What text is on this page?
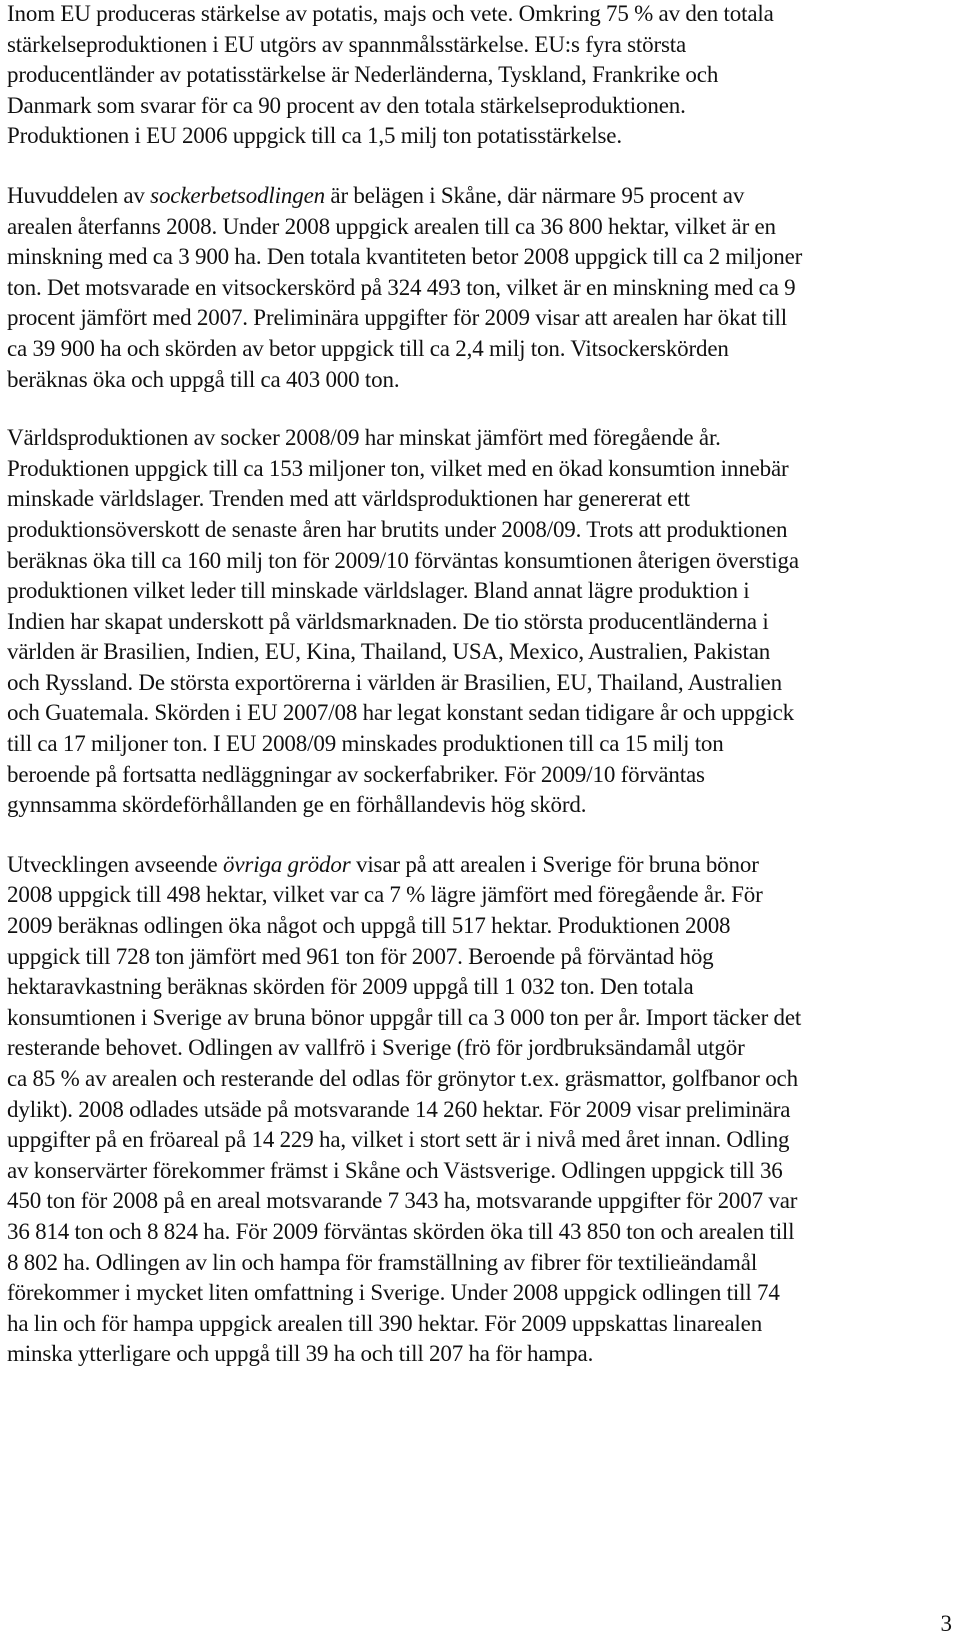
Inom EU produceras stärkelse av potatis, majs och vete. Omkring 75 % av den totala
stärkelseproduktionen i EU utgörs av spannmålsstärkelse. EU:s fyra största
producentländer av potatisstärkelse är Nederländerna, Tyskland, Frankrike och
Danmark som svarar för ca 90 procent av den totala stärkelseproduktionen.
Produktionen i EU 2006 uppgick till ca 1,5 milj ton potatisstärkelse.

Huvuddelen av sockerbetsodlingen är belägen i Skåne, där närmare 95 procent av
arealen återfanns 2008. Under 2008 uppgick arealen till ca 36 800 hektar, vilket är en
minskning med ca 3 900 ha. Den totala kvantiteten betor 2008 uppgick till ca 2 miljoner
ton. Det motsvarade en vitsockerskörd på 324 493 ton, vilket är en minskning med ca 9
procent jämfört med 2007. Preliminära uppgifter för 2009 visar att arealen har ökat till
ca 39 900 ha och skörden av betor uppgick till ca 2,4 milj ton. Vitsockerskörden
beräknas öka och uppgå till ca 403 000 ton.

Världsproduktionen av socker 2008/09 har minskat jämfört med föregående år.
Produktionen uppgick till ca 153 miljoner ton, vilket med en ökad konsumtion innebär
minskade världslager. Trenden med att världsproduktionen har genererat ett
produktionsöverskott de senaste åren har brutits under 2008/09. Trots att produktionen
beräknas öka till ca 160 milj ton för 2009/10 förväntas konsumtionen återigen överstiga
produktionen vilket leder till minskade världslager. Bland annat lägre produktion i
Indien har skapat underskott på världsmarknaden. De tio största producentländerna i
världen är Brasilien, Indien, EU, Kina, Thailand, USA, Mexico, Australien, Pakistan
och Ryssland. De största exportörerna i världen är Brasilien, EU, Thailand, Australien
och Guatemala. Skörden i EU 2007/08 har legat konstant sedan tidigare år och uppgick
till ca 17 miljoner ton. I EU 2008/09 minskades produktionen till ca 15 milj ton
beroende på fortsatta nedläggningar av sockerfabriker. För 2009/10 förväntas
gynnsamma skördeförhållanden ge en förhållandevis hög skörd.

Utvecklingen avseende övriga grödor visar på att arealen i Sverige för bruna bönor
2008 uppgick till 498 hektar, vilket var ca 7 % lägre jämfört med föregående år. För
2009 beräknas odlingen öka något och uppgå till 517 hektar. Produktionen 2008
uppgick till 728 ton jämfört med 961 ton för 2007. Beroende på förväntad hög
hektaravkastning beräknas skörden för 2009 uppgå till 1 032 ton. Den totala
konsumtionen i Sverige av bruna bönor uppgår till ca 3 000 ton per år. Import täcker det
resterande behovet. Odlingen av vallfrö i Sverige (frö för jordbruksändamål utgör
ca 85 % av arealen och resterande del odlas för grönytor t.ex. gräsmattor, golfbanor och
dylikt). 2008 odlades utsäde på motsvarande 14 260 hektar. För 2009 visar preliminära
uppgifter på en fröareal på 14 229 ha, vilket i stort sett är i nivå med året innan. Odling
av konservärter förekommer främst i Skåne och Västsverige. Odlingen uppgick till 36
450 ton för 2008 på en areal motsvarande 7 343 ha, motsvarande uppgifter för 2007 var
36 814 ton och 8 824 ha. För 2009 förväntas skörden öka till 43 850 ton och arealen till
8 802 ha. Odlingen av lin och hampa för framställning av fibrer för textilieändamål
förekommer i mycket liten omfattning i Sverige. Under 2008 uppgick odlingen till 74
ha lin och för hampa uppgick arealen till 390 hektar. För 2009 uppskattas linarealen
minska ytterligare och uppgå till 39 ha och till 207 ha för hampa.

3
